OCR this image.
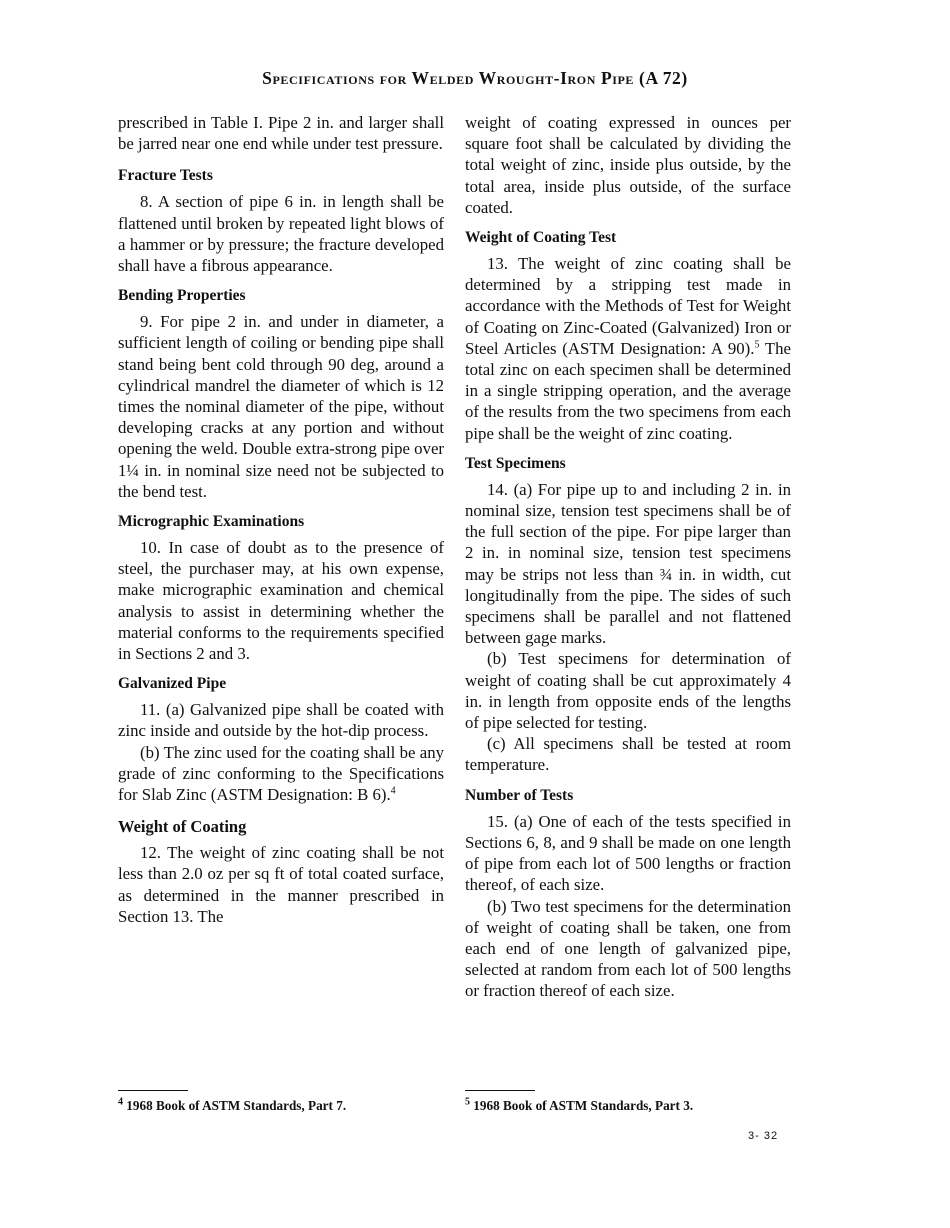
Specifications for Welded Wrought-Iron Pipe (A 72)

prescribed in Table I. Pipe 2 in. and larger shall be jarred near one end while under test pressure.

Fracture Tests

8. A section of pipe 6 in. in length shall be flattened until broken by repeated light blows of a hammer or by pressure; the fracture developed shall have a fibrous appearance.

Bending Properties

9. For pipe 2 in. and under in diameter, a sufficient length of coiling or bending pipe shall stand being bent cold through 90 deg, around a cylindrical mandrel the diameter of which is 12 times the nominal diameter of the pipe, without developing cracks at any portion and without opening the weld. Double extra-strong pipe over 1¼ in. in nominal size need not be subjected to the bend test.

Micrographic Examinations

10. In case of doubt as to the presence of steel, the purchaser may, at his own expense, make micrographic examination and chemical analysis to assist in determining whether the material conforms to the requirements specified in Sections 2 and 3.

Galvanized Pipe

11. (a) Galvanized pipe shall be coated with zinc inside and outside by the hot-dip process.

(b) The zinc used for the coating shall be any grade of zinc conforming to the Specifications for Slab Zinc (ASTM Designation: B 6).$^4$

Weight of Coating

12. The weight of zinc coating shall be not less than 2.0 oz per sq ft of total coated surface, as determined in the manner prescribed in Section 13. The

weight of coating expressed in ounces per square foot shall be calculated by dividing the total weight of zinc, inside plus outside, by the total area, inside plus outside, of the surface coated.

Weight of Coating Test

13. The weight of zinc coating shall be determined by a stripping test made in accordance with the Methods of Test for Weight of Coating on Zinc-Coated (Galvanized) Iron or Steel Articles (ASTM Designation: A 90).$^5$ The total zinc on each specimen shall be determined in a single stripping operation, and the average of the results from the two specimens from each pipe shall be the weight of zinc coating.

Test Specimens

14. (a) For pipe up to and including 2 in. in nominal size, tension test specimens shall be of the full section of the pipe. For pipe larger than 2 in. in nominal size, tension test specimens may be strips not less than ¾ in. in width, cut longitudinally from the pipe. The sides of such specimens shall be parallel and not flattened between gage marks.

(b) Test specimens for determination of weight of coating shall be cut approximately 4 in. in length from opposite ends of the lengths of pipe selected for testing.

(c) All specimens shall be tested at room temperature.

Number of Tests

15. (a) One of each of the tests specified in Sections 6, 8, and 9 shall be made on one length of pipe from each lot of 500 lengths or fraction thereof, of each size.

(b) Two test specimens for the determination of weight of coating shall be taken, one from each end of one length of galvanized pipe, selected at random from each lot of 500 lengths or fraction thereof of each size.

$^4$ 1968 Book of ASTM Standards, Part 7.	$^5$ 1968 Book of ASTM Standards, Part 3.
3- 32
